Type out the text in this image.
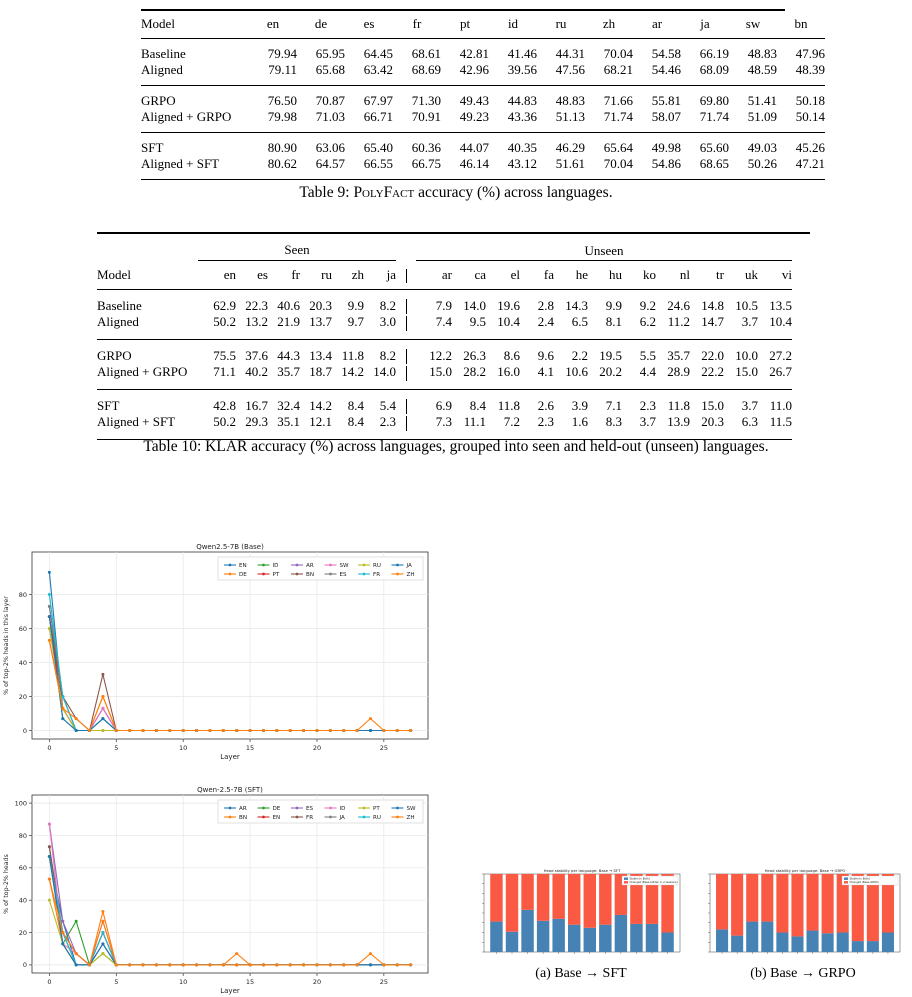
Model	en	de	es	fr	pt	id	ru	zh	ar	ja	sw	bn
Baseline	79.94	65.95	64.45	68.61	42.81	41.46	44.31	70.04	54.58	66.19	48.83	47.96
Aligned	79.11	65.68	63.42	68.69	42.96	39.56	47.56	68.21	54.46	68.09	48.59	48.39
GRPO	76.50	70.87	67.97	71.30	49.43	44.83	48.83	71.66	55.81	69.80	51.41	50.18
Aligned + GRPO	79.98	71.03	66.71	70.91	49.23	43.36	51.13	71.74	58.07	71.74	51.09	50.14
SFT	80.90	63.06	65.40	60.36	44.07	40.35	46.29	65.64	49.98	65.60	49.03	45.26
Aligned + SFT	80.62	64.57	66.55	66.75	46.14	43.12	51.61	70.04	54.86	68.65	50.26	47.21
Table 9: PolyFact accuracy (%) across languages.
	Seen							Unseen										
Model	en	es	fr	ru	zh	ja		ar	ca	el	fa	he	hu	ko	nl	tr	uk	vi
Baseline	62.9	22.3	40.6	20.3	9.9	8.2		7.9	14.0	19.6	2.8	14.3	9.9	9.2	24.6	14.8	10.5	13.5
Aligned	50.2	13.2	21.9	13.7	9.7	3.0		7.4	9.5	10.4	2.4	6.5	8.1	6.2	11.2	14.7	3.7	10.4
GRPO	75.5	37.6	44.3	13.4	11.8	8.2		12.2	26.3	8.6	9.6	2.2	19.5	5.5	35.7	22.0	10.0	27.2
Aligned + GRPO	71.1	40.2	35.7	18.7	14.2	14.0		15.0	28.2	16.0	4.1	10.6	20.2	4.4	28.9	22.2	15.0	26.7
SFT	42.8	16.7	32.4	14.2	8.4	5.4		6.9	8.4	11.8	2.6	3.9	7.1	2.3	11.8	15.0	3.7	11.0
Aligned + SFT	50.2	29.3	35.1	12.1	8.4	2.3		7.3	11.1	7.2	2.3	1.6	8.3	3.7	13.9	20.3	6.3	11.5
Table 10: KLAR accuracy (%) across languages, grouped into seen and held-out (unseen) languages.
0	5	10	15	20	25
0
20
40
60
80
Qwen2.5-7B (Base)
Layer
% of top-2% heads in this layer
EN
DE
ID
PT
AR
BN
SW
ES
RU
FR
JA
ZH
0	5	10	15	20	25
0
20
40
60
80
100
Qwen-2.5-7B (SFT)
Layer
% of top-2% heads
AR
BN
DE
EN
ES
FR
ID
JA
PT
RU
SW
ZH
Head stability per language: Base → SFT
Stable (in Both)
Changed (Base-hidden in 2 sessions)
Head stability per language: Base → GRPO
Stable (in Both)
Changed (Base-GRPO)
(a) Base → SFT	(b) Base → GRPO
